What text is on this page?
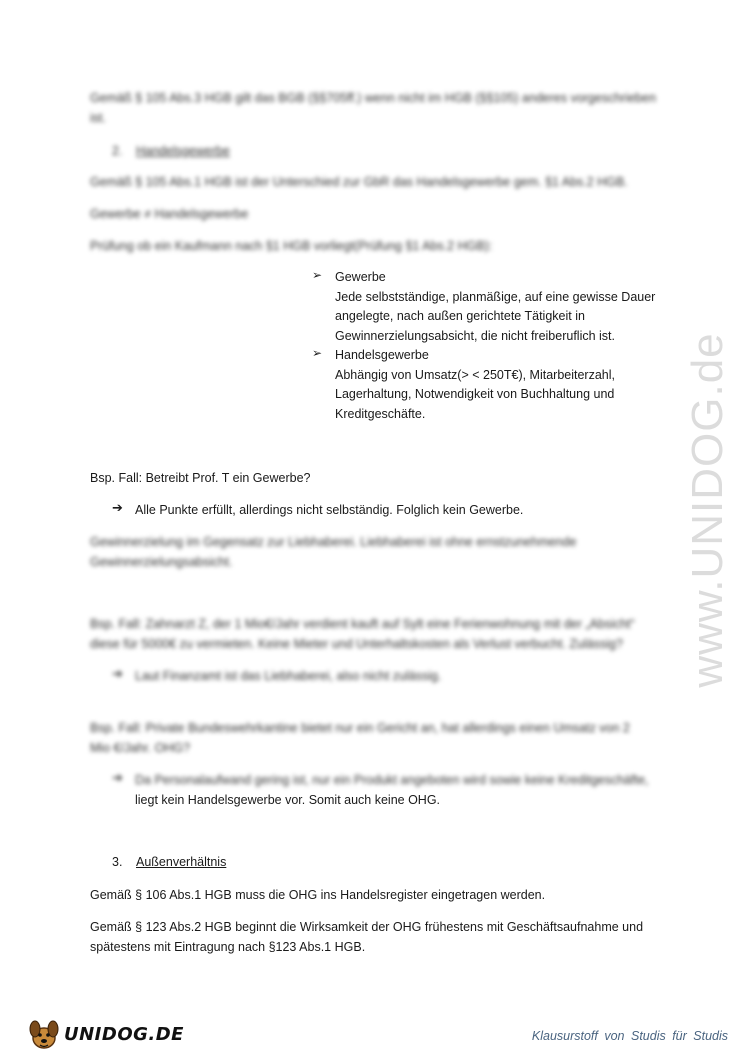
Gemäß § 105 Abs.3 HGB gilt das BGB (§§705ff.) wenn nicht im HGB (§§105) anderes vorgeschrieben

ist.

2. Handelsgewerbe

Gemäß § 105 Abs.1 HGB ist der Unterschied zur GbR das Handelsgewerbe gem. §1 Abs.2 HGB.

Gewerbe ≠ Handelsgewerbe

Prüfung ob ein Kaufmann nach §1 HGB vorliegt(Prüfung §1 Abs.2 HGB):

➢ Gewerbe

Jede selbstständige, planmäßige, auf eine gewisse Dauer

angelegte, nach außen gerichtete Tätigkeit in

Gewinnerzielungsabsicht, die nicht freiberuflich ist.

➢ Handelsgewerbe

Abhängig von Umsatz(> < 250T€), Mitarbeiterzahl,

Lagerhaltung, Notwendigkeit von Buchhaltung und

Kreditgeschäfte.

Bsp. Fall: Betreibt Prof. T ein Gewerbe?

➔ Alle Punkte erfüllt, allerdings nicht selbständig. Folglich kein Gewerbe.

Gewinnerzielung im Gegensatz zur Liebhaberei. Liebhaberei ist ohne ernstzunehmende

Gewinnerzielungsabsicht.

Bsp. Fall: Zahnarzt Z, der 1 Mio€/Jahr verdient kauft auf Sylt eine Ferienwohnung mit der „Absicht“

diese für 5000€ zu vermieten. Keine Mieter und Unterhaltskosten als Verlust verbucht. Zulässig?

➔ Laut Finanzamt ist das Liebhaberei, also nicht zulässig.

Bsp. Fall: Private Bundeswehrkantine bietet nur ein Gericht an, hat allerdings einen Umsatz von 2

Mio €/Jahr. OHG?

➔ Da Personalaufwand gering ist, nur ein Produkt angeboten wird sowie keine Kreditgeschäfte,

liegt kein Handelsgewerbe vor. Somit auch keine OHG.

3. Außenverhältnis

Gemäß § 106 Abs.1 HGB muss die OHG ins Handelsregister eingetragen werden.

Gemäß § 123 Abs.2 HGB beginnt die Wirksamkeit der OHG frühestens mit Geschäftsaufnahme und

spätestens mit Eintragung nach §123 Abs.1 HGB.

www.UNIDOG.de
UNIDOG.DE	Klausurstoff von Studis für Studis
